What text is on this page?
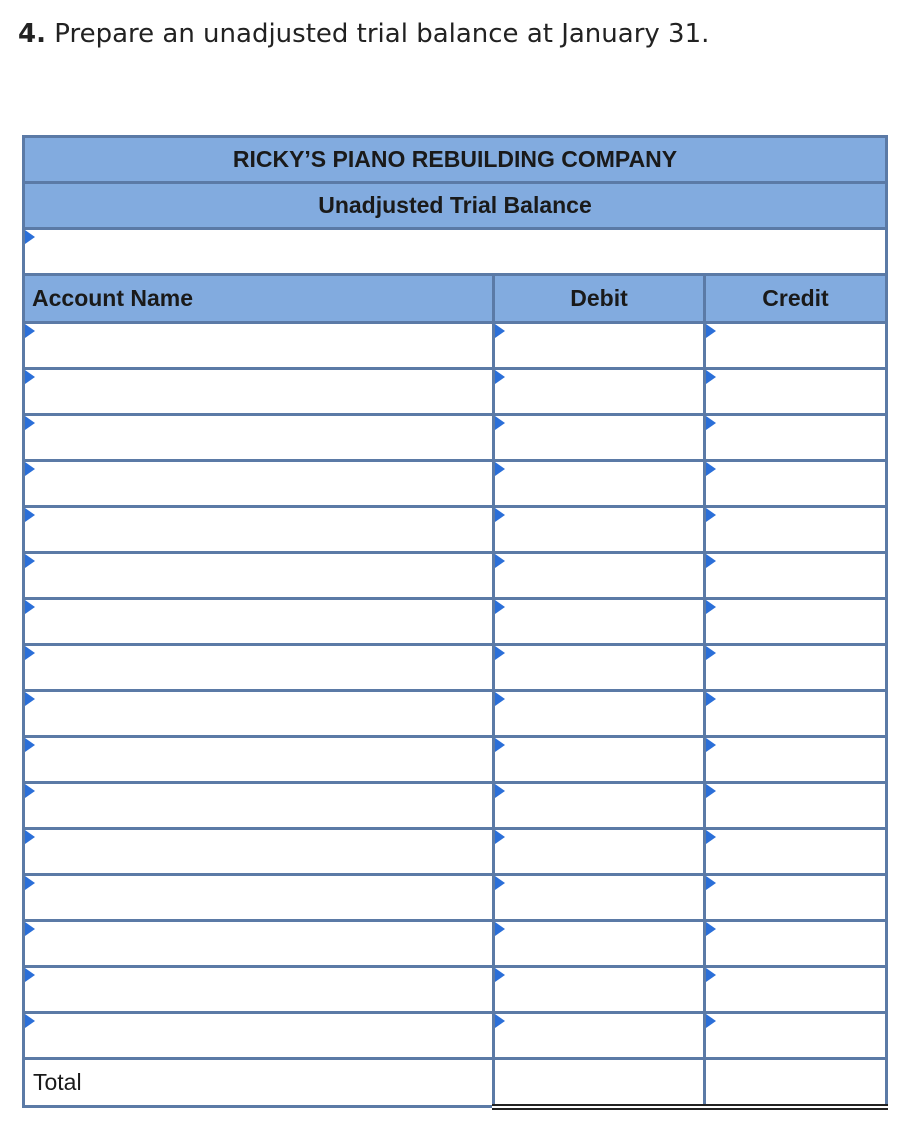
4. Prepare an unadjusted trial balance at January 31.
RICKY’S PIANO REBUILDING COMPANY		
Unadjusted Trial Balance		

Account Name	Debit	Credit

Total		
